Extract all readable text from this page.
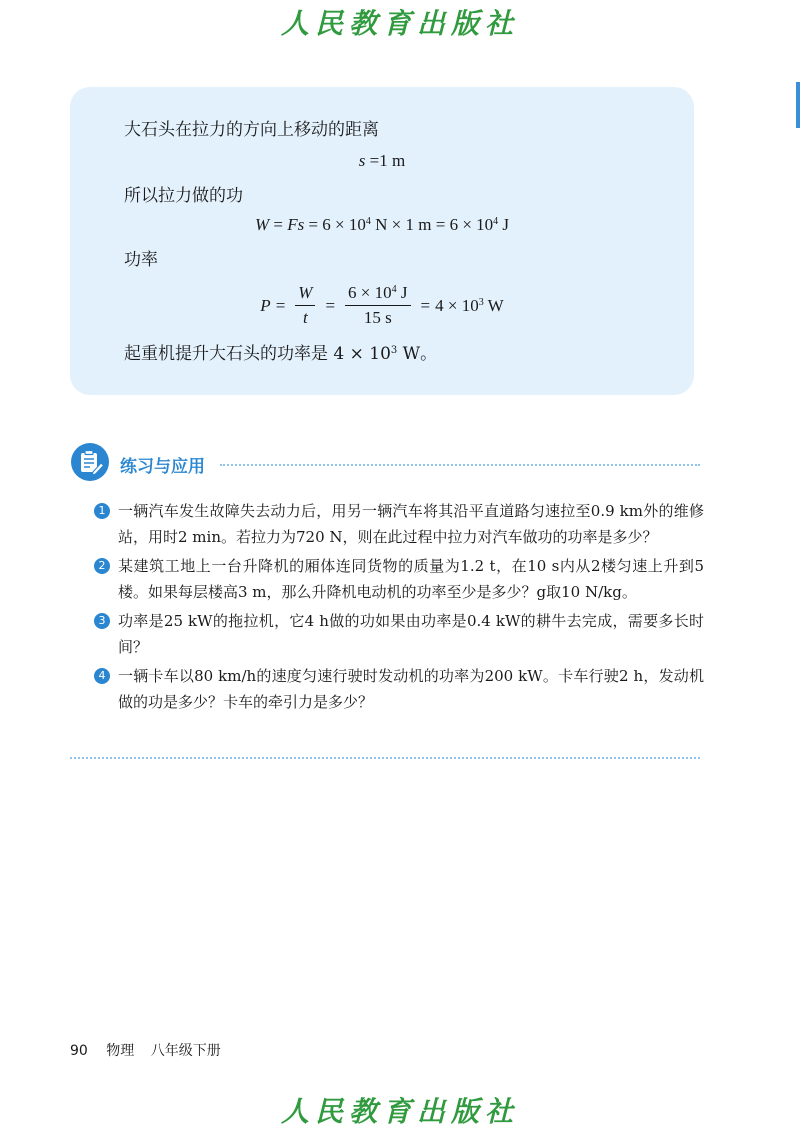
人民教育出版社
大石头在拉力的方向上移动的距离
s =1 m
所以拉力做的功
$W = Fs = 6 \times 10^4$ N × 1 $m = 6 \times 10^4$ J
功率
$P = \frac{W}{t} = \frac{6 \times 10^4 J}{15 s} = 4 \times 10^3$ W
起重机提升大石头的功率是 $4 \times 10^3$ W。
练习与应用
1 一辆汽车发生故障失去动力后，用另一辆汽车将其沿平直道路匀速拉至0.9 km外的维修站，用时2 min。若拉力为720 N，则在此过程中拉力对汽车做功的功率是多少？
2 某建筑工地上一台升降机的厢体连同货物的质量为1.2 t，在10 s内从2楼匀速上升到5楼。如果每层楼高3 m，那么升降机电动机的功率至少是多少？g取10 N/kg。
3 功率是25 kW的拖拉机，它4 h做的功如果由功率是0.4 kW的耕牛去完成，需要多长时间？
4 一辆卡车以80 km/h的速度匀速行驶时发动机的功率为200 kW。卡车行驶2 h，发动机做的功是多少？卡车的牵引力是多少？
90 物理 八年级下册
人民教育出版社
